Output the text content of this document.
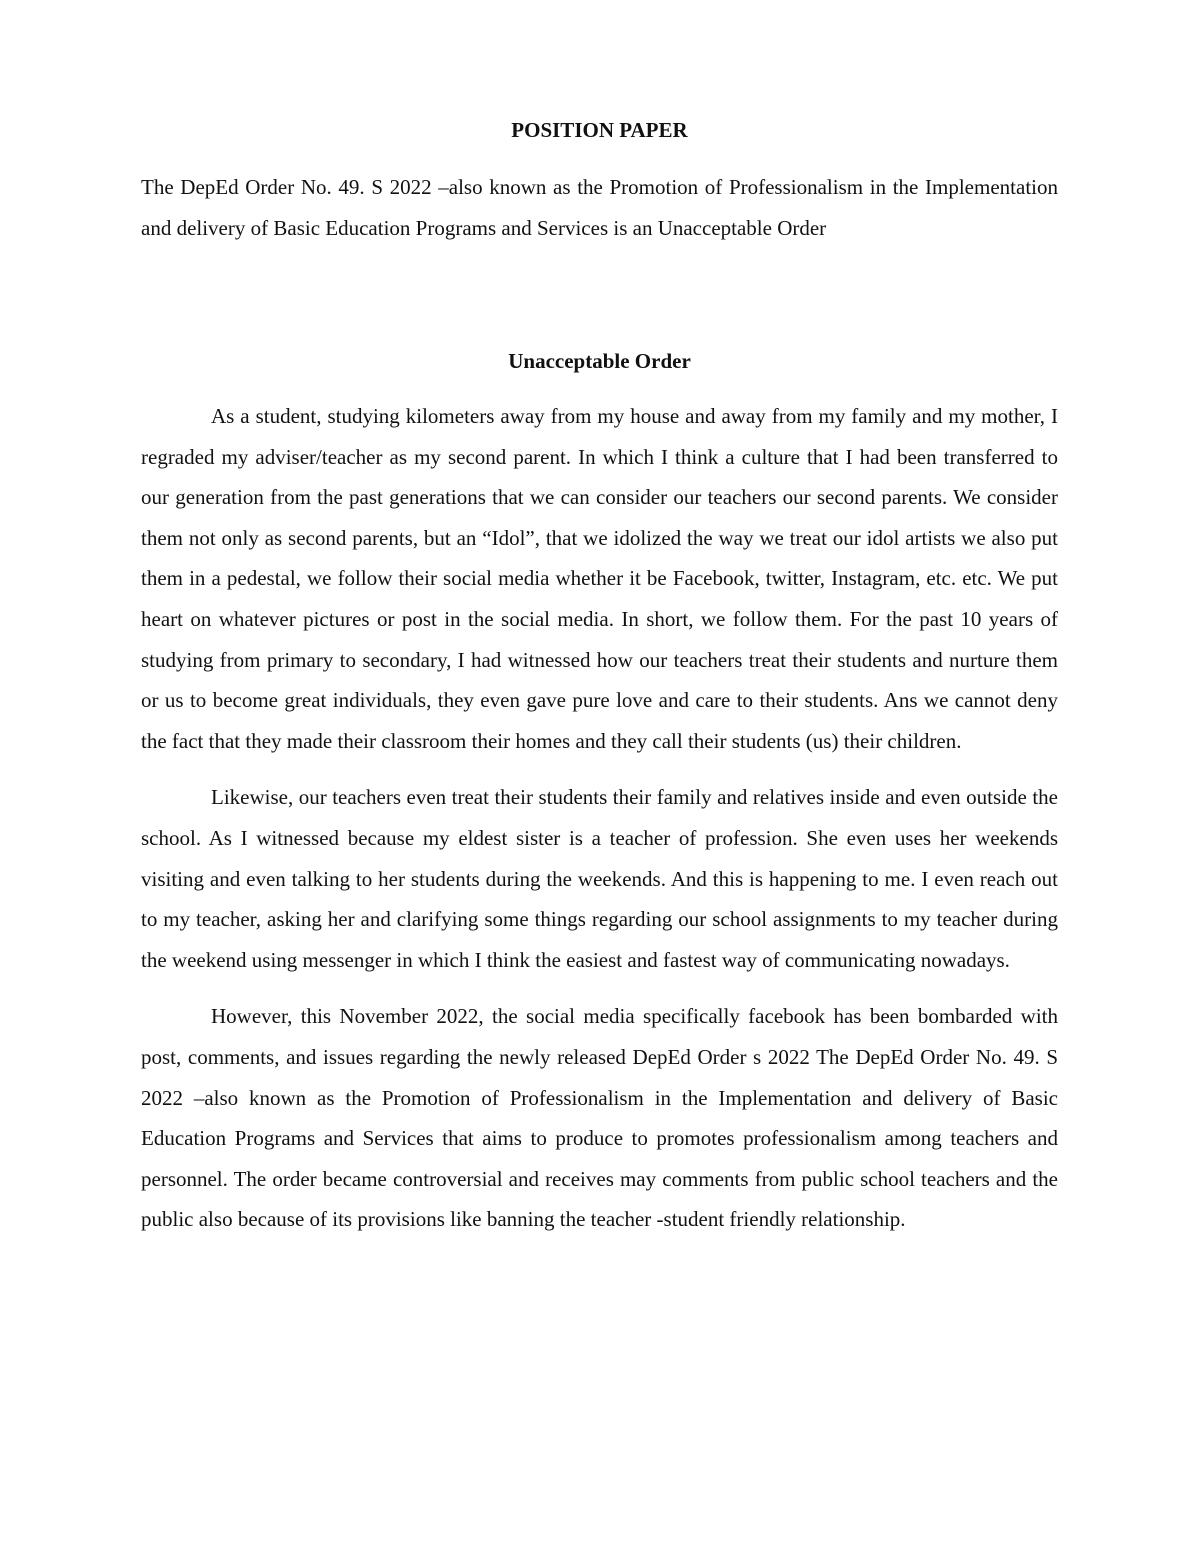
POSITION PAPER

The DepEd Order No. 49. S 2022 –also known as the Promotion of Professionalism in the Implementation and delivery of Basic Education Programs and Services is an Unacceptable Order

Unacceptable Order

As a student, studying kilometers away from my house and away from my family and my mother, I regraded my adviser/teacher as my second parent. In which I think a culture that I had been transferred to our generation from the past generations that we can consider our teachers our second parents. We consider them not only as second parents, but an “Idol”, that we idolized the way we treat our idol artists we also put them in a pedestal, we follow their social media whether it be Facebook, twitter, Instagram, etc. etc. We put heart on whatever pictures or post in the social media. In short, we follow them. For the past 10 years of studying from primary to secondary, I had witnessed how our teachers treat their students and nurture them or us to become great individuals, they even gave pure love and care to their students. Ans we cannot deny the fact that they made their classroom their homes and they call their students (us) their children.

Likewise, our teachers even treat their students their family and relatives inside and even outside the school. As I witnessed because my eldest sister is a teacher of profession. She even uses her weekends visiting and even talking to her students during the weekends. And this is happening to me. I even reach out to my teacher, asking her and clarifying some things regarding our school assignments to my teacher during the weekend using messenger in which I think the easiest and fastest way of communicating nowadays.

However, this November 2022, the social media specifically facebook has been bombarded with post, comments, and issues regarding the newly released DepEd Order s 2022 The DepEd Order No. 49. S 2022 –also known as the Promotion of Professionalism in the Implementation and delivery of Basic Education Programs and Services that aims to produce to promotes professionalism among teachers and personnel. The order became controversial and receives may comments from public school teachers and the public also because of its provisions like banning the teacher -student friendly relationship.
